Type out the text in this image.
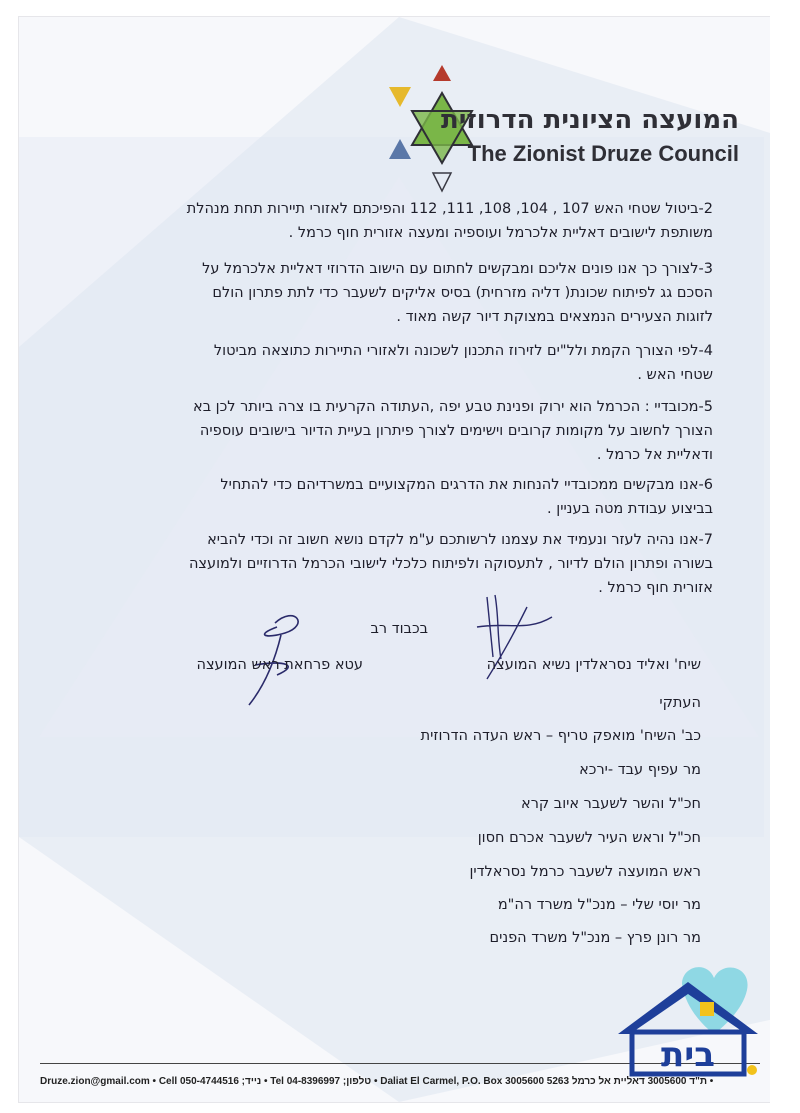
המועצה הציונית הדרוזית
The Zionist Druze Council
2-ביטול שטחי האש 107 , 104, 108, 111, 112 והפיכתם לאזורי תיירות תחת מנהלת
משותפת לישובים דאליית אלכרמל ועוספיה ומעצה אזורית חוף כרמל .
3-לצורך כך אנו פונים אליכם ומבקשים לחתום עם הישוב הדרוזי דאליית אלכרמל על
הסכם גג לפיתוח שכונת( דליה מזרחית) בסיס אליקים לשעבר כדי לתת פתרון הולם
לזוגות הצעירים הנמצאים במצוקת דיור קשה מאוד .
4-לפי הצורך הקמת ולל"ים לזירוז התכנון לשכונה ולאזורי התיירות כתוצאה מביטול
שטחי האש .
5-מכובדיי : הכרמל הוא ירוק ופנינת טבע יפה ,העתודה הקרעית בו צרה ביותר לכן בא
הצורך לחשוב על מקומות קרובים וישימים לצורך פיתרון בעיית הדיור בישובים עוספיה
ודאליית אל כרמל .
6-אנו מבקשים ממכובדיי להנחות את הדרגים המקצועיים במשרדיהם כדי להתחיל
בביצוע עבודת מטה בעניין .
7-אנו נהיה לעזר ונעמיד את עצמנו לרשותכם ע"מ לקדם נושא חשוב זה וכדי להביא
בשורה ופתרון הולם לדיור , לתעסוקה ולפיתוח כלכלי לישובי הכרמל הדרוזיים ולמועצה
אזורית חוף כרמל .
בכבוד רב
שיח' ואליד נסראלדין נשיא המועצה
עטא פרחאת ראש המועצה
העתקי
כב' השיח' מואפק טריף – ראש העדה הדרוזית
מר עפיף עבד -ירכא
חכ"ל והשר לשעבר איוב קרא
חכ"ל וראש העיר לשעבר אכרם חסון
ראש המועצה לשעבר כרמל נסראלדין
מר יוסי שלי – מנכ"ל משרד רה"מ
מר רונן פרץ – מנכ"ל משרד הפנים
Druze.zion@gmail.com • Cell 050-4744516 ;נייד • Tel 04-8396997 ;טלפון • Daliat El Carmel, P.O. Box 3005600 5263 ת"ד 3005600 דאליית אל כרמל •
בית
